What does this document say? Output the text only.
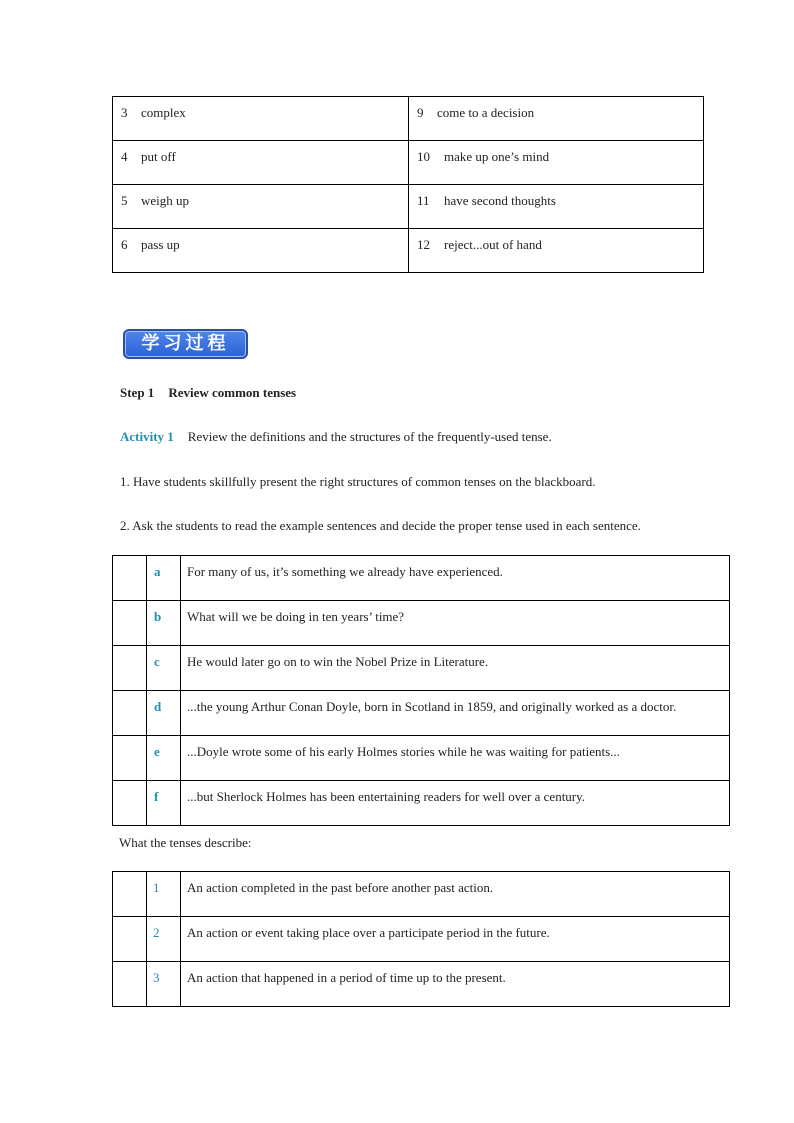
3 complex	9 come to a decision
4 put off	10 make up one’s mind
5 weigh up	11 have second thoughts
6 pass up	12 reject...out of hand
学习过程
Step 1 Review common tenses
Activity 1 Review the definitions and the structures of the frequently-used tense.
1. Have students skillfully present the right structures of common tenses on the blackboard.
2. Ask the students to read the example sentences and decide the proper tense used in each sentence.
	a	For many of us, it’s something we already have experienced.
	b	What will we be doing in ten years’ time?
	c	He would later go on to win the Nobel Prize in Literature.
	d	...the young Arthur Conan Doyle, born in Scotland in 1859, and originally worked as a doctor.
	e	...Doyle wrote some of his early Holmes stories while he was waiting for patients...
	f	...but Sherlock Holmes has been entertaining readers for well over a century.
What the tenses describe:
	1	An action completed in the past before another past action.
	2	An action or event taking place over a participate period in the future.
	3	An action that happened in a period of time up to the present.
